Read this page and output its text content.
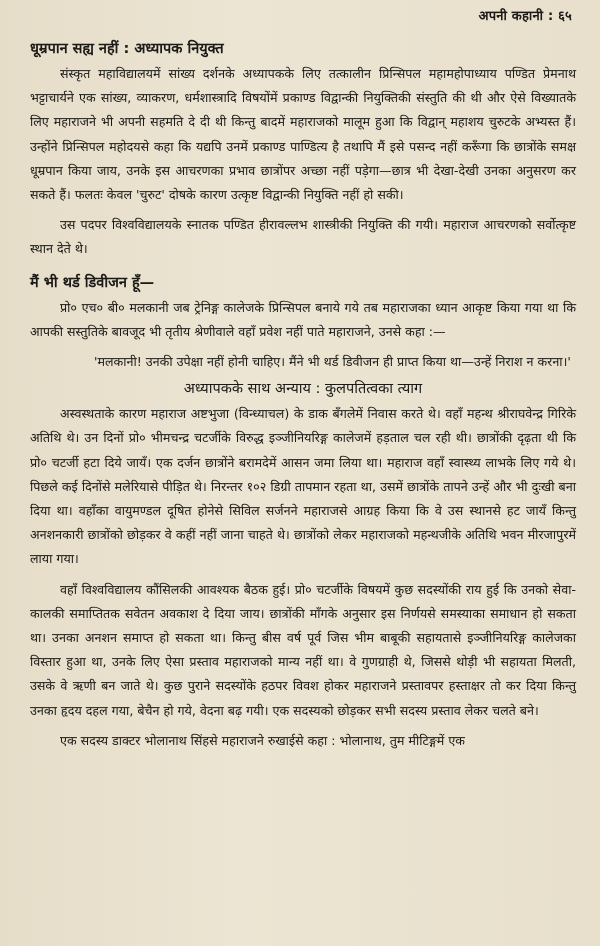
अपनी कहानी : ६५
धूम्रपान सह्य नहीं : अध्यापक नियुक्त

संस्कृत महाविद्यालयमें सांख्य दर्शनके अध्यापकके लिए तत्कालीन प्रिन्सिपल महामहोपाध्याय पण्डित प्रेमनाथ भट्टाचार्यने एक सांख्य, व्याकरण, धर्मशास्त्रादि विषयोंमें प्रकाण्ड विद्वान्की नियुक्तिकी संस्तुति की थी और ऐसे विख्यातके लिए महाराजने भी अपनी सहमति दे दी थी किन्तु बादमें महाराजको मालूम हुआ कि विद्वान् महाशय चुरुटके अभ्यस्त हैं। उन्होंने प्रिन्सिपल महोदयसे कहा कि यद्यपि उनमें प्रकाण्ड पाण्डित्य है तथापि मैं इसे पसन्द नहीं करूँगा कि छात्रोंके समक्ष धूम्रपान किया जाय, उनके इस आचरणका प्रभाव छात्रोंपर अच्छा नहीं पड़ेगा—छात्र भी देखा-देखी उनका अनुसरण कर सकते हैं। फलतः केवल 'चुरुट' दोषके कारण उत्कृष्ट विद्वान्की नियुक्ति नहीं हो सकी।

उस पदपर विश्वविद्यालयके स्नातक पण्डित हीरावल्लभ शास्त्रीकी नियुक्ति की गयी। महाराज आचरणको सर्वोत्कृष्ट स्थान देते थे।

मैं भी थर्ड डिवीजन हूँ—

प्रो० एच० बी० मलकानी जब ट्रेनिङ्ग कालेजके प्रिन्सिपल बनाये गये तब महाराजका ध्यान आकृष्ट किया गया था कि आपकी सस्तुतिके बावजूद भी तृतीय श्रेणीवाले वहाँ प्रवेश नहीं पाते महाराजने, उनसे कहा :—

'मलकानी! उनकी उपेक्षा नहीं होनी चाहिए। मैंने भी थर्ड डिवीजन ही प्राप्त किया था—उन्हें निराश न करना।'

अध्यापकके साथ अन्याय : कुलपतित्वका त्याग

अस्वस्थताके कारण महाराज अष्टभुजा (विन्ध्याचल) के डाक बँगलेमें निवास करते थे। वहाँ महन्थ श्रीराघवेन्द्र गिरिके अतिथि थे। उन दिनों प्रो० भीमचन्द्र चटर्जीके विरुद्ध इञ्जीनियरिङ्ग कालेजमें हड़ताल चल रही थी। छात्रोंकी दृढ़ता थी कि प्रो० चटर्जी हटा दिये जायँ। एक दर्जन छात्रोंने बरामदेमें आसन जमा लिया था। महाराज वहाँ स्वास्थ्य लाभके लिए गये थे। पिछले कई दिनोंसे मलेरियासे पीड़ित थे। निरन्तर १०२ डिग्री तापमान रहता था, उसमें छात्रोंके तापने उन्हें और भी दुःखी बना दिया था। वहाँका वायुमण्डल दूषित होनेसे सिविल सर्जनने महाराजसे आग्रह किया कि वे उस स्थानसे हट जायँ किन्तु अनशनकारी छात्रोंको छोड़कर वे कहीं नहीं जाना चाहते थे। छात्रोंको लेकर महाराजको महन्थजीके अतिथि भवन मीरजापुरमें लाया गया।

वहाँ विश्वविद्यालय कौंसिलकी आवश्यक बैठक हुई। प्रो० चटर्जीके विषयमें कुछ सदस्योंकी राय हुई कि उनको सेवा-कालकी समाप्तितक सवेतन अवकाश दे दिया जाय। छात्रोंकी माँगके अनुसार इस निर्णयसे समस्याका समाधान हो सकता था। उनका अनशन समाप्त हो सकता था। किन्तु बीस वर्ष पूर्व जिस भीम बाबूकी सहायतासे इञ्जीनियरिङ्ग कालेजका विस्तार हुआ था, उनके लिए ऐसा प्रस्ताव महाराजको मान्य नहीं था। वे गुणग्राही थे, जिससे थोड़ी भी सहायता मिलती, उसके वे ऋणी बन जाते थे। कुछ पुराने सदस्योंके हठपर विवश होकर महाराजने प्रस्तावपर हस्ताक्षर तो कर दिया किन्तु उनका हृदय दहल गया, बेचैन हो गये, वेदना बढ़ गयी। एक सदस्यको छोड़कर सभी सदस्य प्रस्ताव लेकर चलते बने।

एक सदस्य डाक्टर भोलानाथ सिंहसे महाराजने रुखाईसे कहा : भोलानाथ, तुम मीटिङ्गमें एक
